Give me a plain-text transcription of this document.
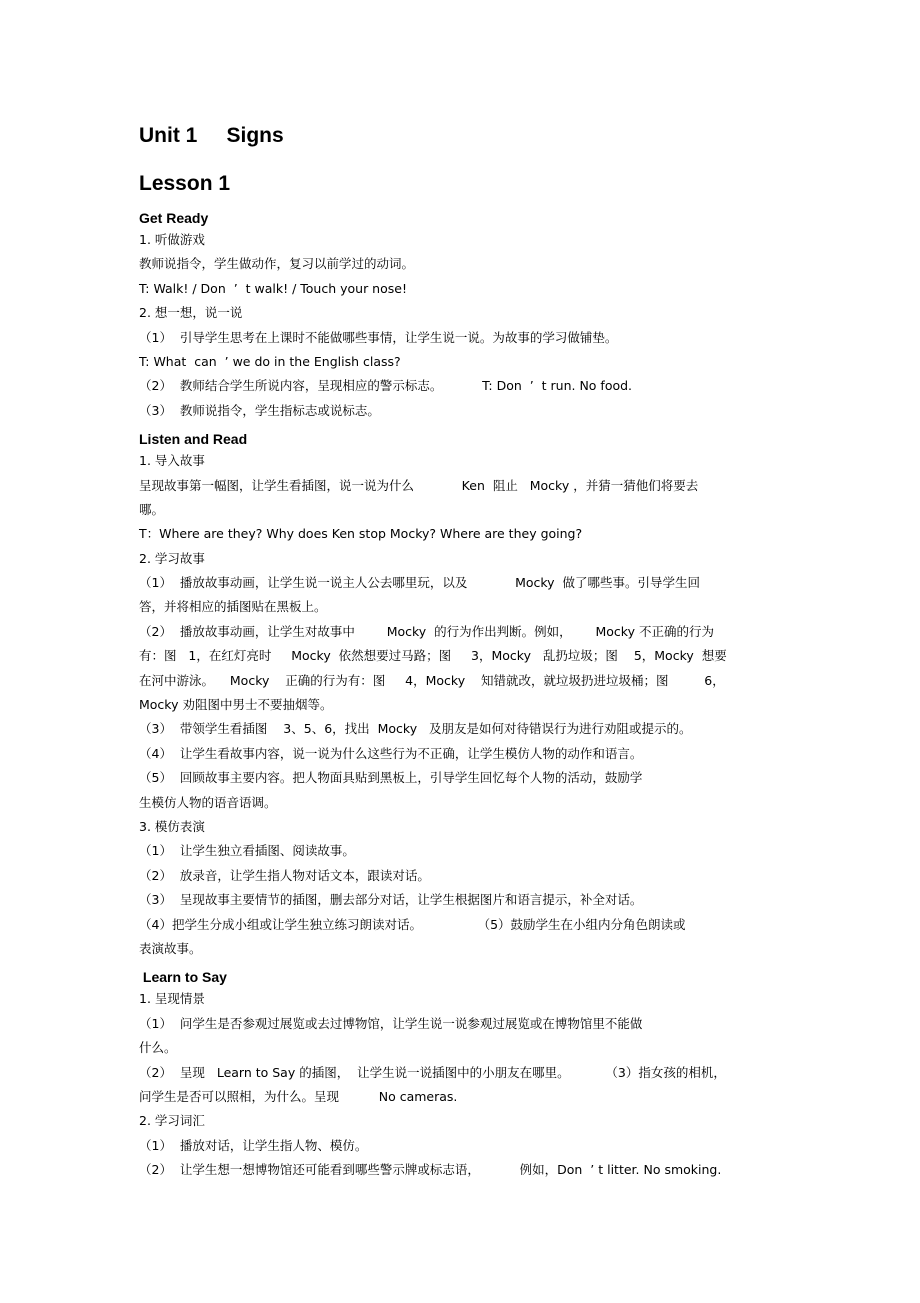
Unit 1     Signs
Lesson 1
Get Ready
1. 听做游戏
教师说指令，学生做动作，复习以前学过的动词。
T: Walk! / Don  ’  t walk! / Touch your nose!
2. 想一想，说一说
（1）  引导学生思考在上课时不能做哪些事情，让学生说一说。为故事的学习做铺垫。
T: What  can  ’ we do in the English class?
（2）  教师结合学生所说内容，呈现相应的警示标志。          T: Don  ’  t run. No food.
（3）  教师说指令，学生指标志或说标志。
Listen and Read
1. 导入故事
呈现故事第一幅图，让学生看插图，说一说为什么            Ken  阻止   Mocky ，并猜一猜他们将要去
哪。
T：Where are they? Why does Ken stop Mocky? Where are they going?
2. 学习故事
（1）  播放故事动画，让学生说一说主人公去哪里玩，以及            Mocky  做了哪些事。引导学生回
答，并将相应的插图贴在黑板上。
（2）  播放故事动画，让学生对故事中        Mocky  的行为作出判断。例如，      Mocky 不正确的行为
有：图   1，在红灯亮时     Mocky  依然想要过马路；图     3，Mocky   乱扔垃圾；图    5，Mocky  想要
在河中游泳。    Mocky    正确的行为有：图     4，Mocky    知错就改，就垃圾扔进垃圾桶；图         6，
Mocky 劝阻图中男士不要抽烟等。
（3）  带领学生看插图    3、5、6，找出  Mocky   及朋友是如何对待错误行为进行劝阻或提示的。
（4）  让学生看故事内容，说一说为什么这些行为不正确，让学生模仿人物的动作和语言。
（5）  回顾故事主要内容。把人物面具贴到黑板上，引导学生回忆每个人物的活动，鼓励学
生模仿人物的语音语调。
3. 模仿表演
（1）  让学生独立看插图、阅读故事。
（2）  放录音，让学生指人物对话文本，跟读对话。
（3）  呈现故事主要情节的插图，删去部分对话，让学生根据图片和语言提示，补全对话。
（4）把学生分成小组或让学生独立练习朗读对话。              （5）鼓励学生在小组内分角色朗读或
表演故事。
Learn to Say
1. 呈现情景
（1）  问学生是否参观过展览或去过博物馆，让学生说一说参观过展览或在博物馆里不能做
什么。
（2）  呈现   Learn to Say 的插图，  让学生说一说插图中的小朋友在哪里。         （3）指女孩的相机，
问学生是否可以照相，为什么。呈现          No cameras.
2. 学习词汇
（1）  播放对话，让学生指人物、模仿。
（2）  让学生想一想博物馆还可能看到哪些警示牌或标志语，          例如，Don  ’ t litter. No smoking.
